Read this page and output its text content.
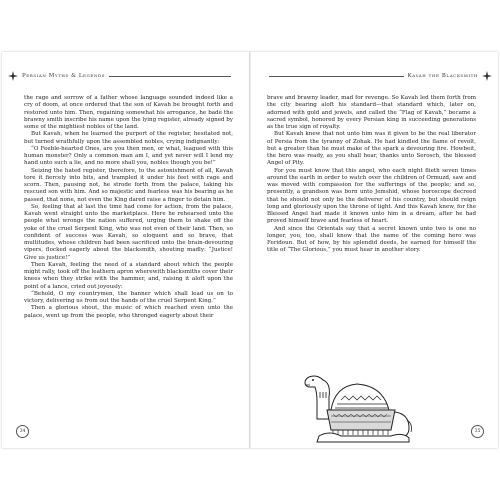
Persian Myths & Legends

the rage and sorrow of a father whose language sounded indeed like a cry of doom, at once ordered that the son of Kavah be brought forth and restored unto him. Then, regaining somewhat his arrogance, he bade the brawny smith inscribe his name upon the lying register, already signed by some of the mightiest nobles of the land.

But Kavah, when he learned the purport of the register, hesitated not, but turned wrathfully upon the assembled nobles, crying indignantly:

“O Feeble-hearted Ones, are you then men, or what, leagued with this human monster? Only a common man am I, and yet never will I lend my hand unto such a lie, and no more shall you, nobles though you be!”

Seizing the hated register, therefore, to the astonishment of all, Kavah tore it fiercely into bits, and trampled it under his feet with rage and scorn. Then, pausing not, he strode forth from the palace, taking his rescued son with him. And so majestic and fearless was his bearing as he passed, that none, not even the King dared raise a finger to detain him.

So, feeling that at last the time had come for action, from the palace, Kavah went straight unto the marketplace. Here he rehearsed unto the people what wrongs the nation suffered, urging them to shake off the yoke of the cruel Serpent King, who was not even of their land. Then, so confident of success was Kavah, so eloquent and so brave, that multitudes, whose children had been sacrificed unto the brain-devouring vipers, flocked eagerly about the blacksmith, shouting madly: “Justice! Give us justice!”

Then Kavah, feeling the need of a standard about which the people might rally, took off the leathern apron wherewith blacksmiths cover their knees when they strike with the hammer, and, raising it aloft upon the point of a lance, cried out joyously:

“Behold, O my countrymen, the banner which shall lead us on to victory, delivering us from out the hands of the cruel Serpent King.”

Then a glorious shout, the music of which reached even unto the palace, went up from the people, who thronged eagerly about their

34
Kavah the Blacksmith

brave and brawny leader, mad for revenge. So Kavah led them forth from the city bearing aloft his standard—that standard which, later on, adorned with gold and jewels, and called the “Flag of Kavah,” became a sacred symbol, honored by every Persian king in succeeding generations as the true sign of royalty.

But Kavah knew that not unto him was it given to be the real liberator of Persia from the tyranny of Zohak. He had kindled the flame of revolt, but a greater than he must make of the spark a devouring fire. Howbeit, the hero was ready, as you shall hear, thanks unto Serosch, the blessed Angel of Pity.

For you must know that this angel, who each night flieth seven times around the earth in order to watch over the children of Ormuzd, saw and was moved with compassion for the sufferings of the people; and so, presently, a grandson was born unto Jemshid, whose horoscope decreed that he should not only be the deliverer of his country, but should reign long and gloriously upon the throne of light. And this Kavah knew, for the Blessed Angel had made it known unto him in a dream, after he had proved himself brave and fearless of heart.

And since the Orientals say that a secret known unto two is one no longer, you, too, shall know that the name of the coming hero was Feridoun. But of how, by his splendid deeds, he earned for himself the title of “The Glorious,” you must hear in another story.

35
